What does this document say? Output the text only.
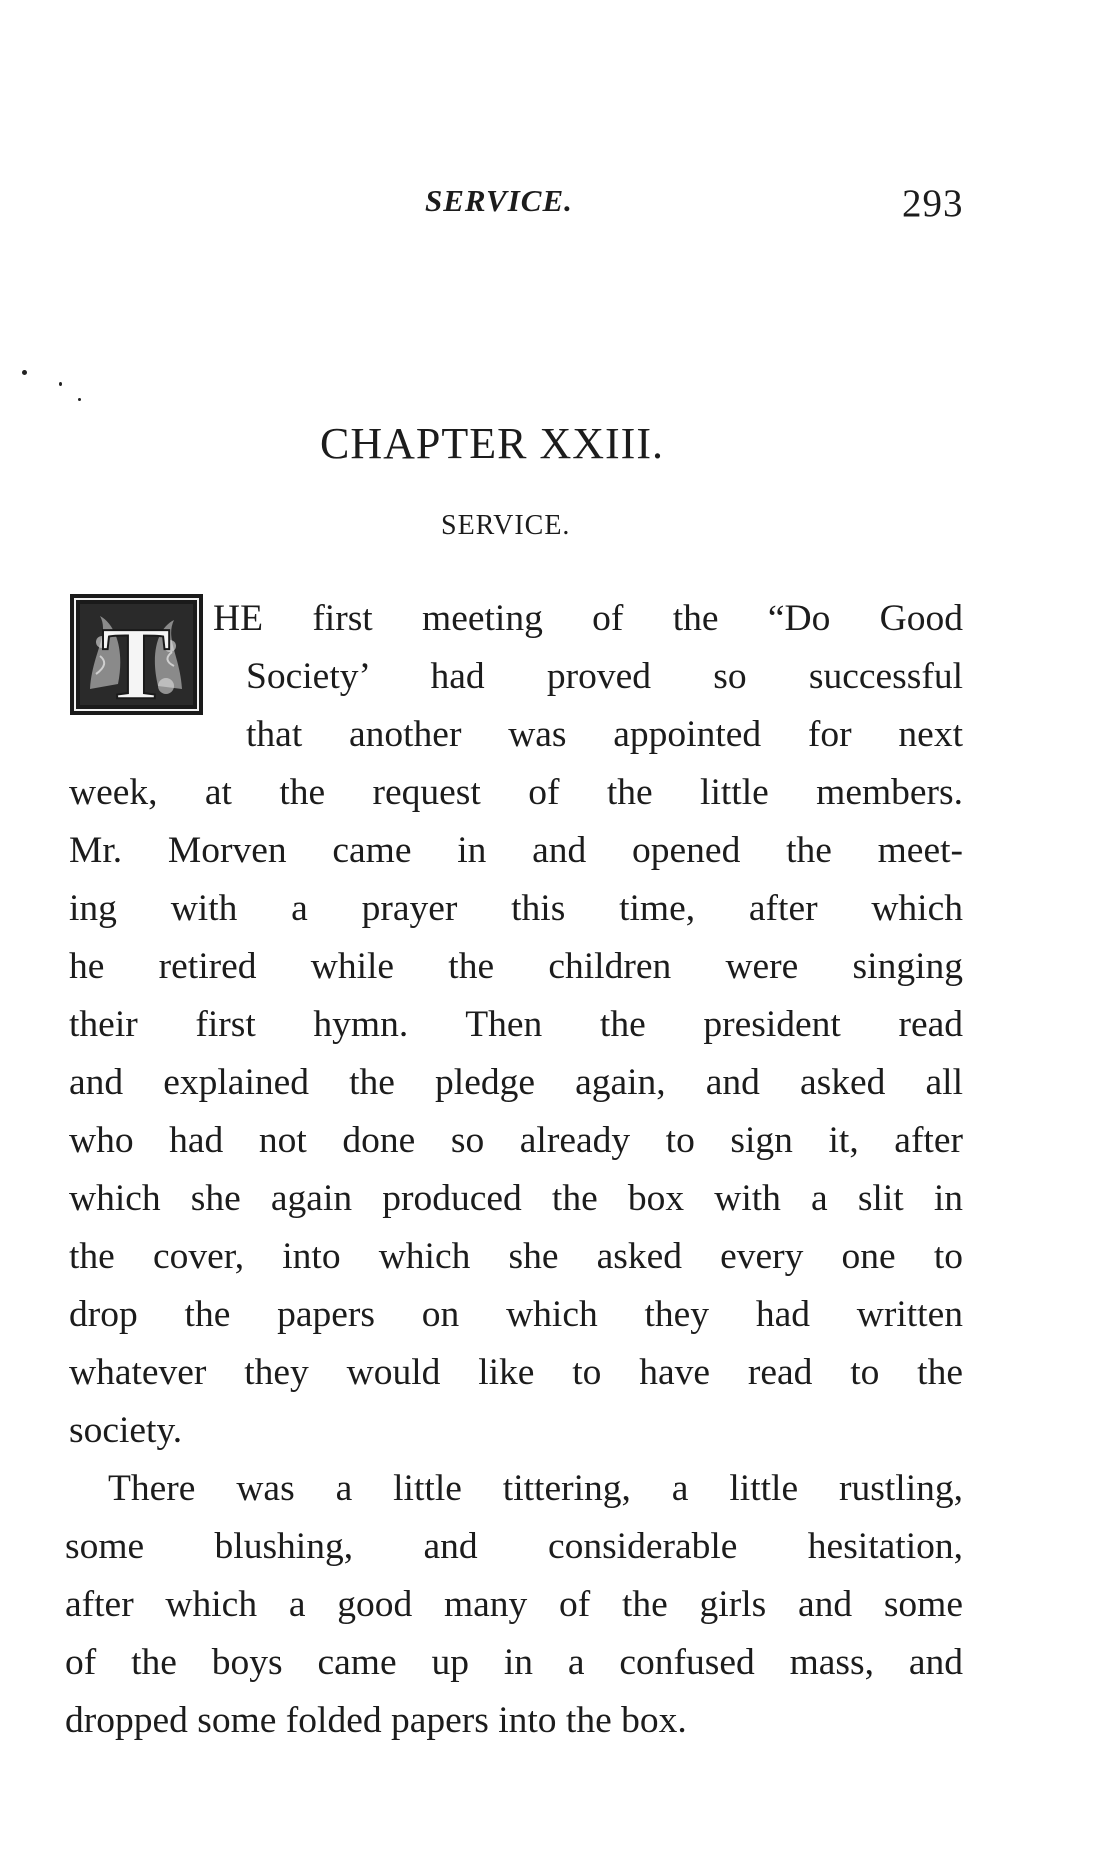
SERVICE.	293
CHAPTER XXIII.
SERVICE.
T HE first meeting of the “Do Good
Society’ had proved so successful
that another was appointed for next
week, at the request of the little members.
Mr. Morven came in and opened the meet-
ing with a prayer this time, after which
he retired while the children were singing
their first hymn. Then the president read
and explained the pledge again, and asked all
who had not done so already to sign it, after
which she again produced the box with a slit in
the cover, into which she asked every one to
drop the papers on which they had written
whatever they would like to have read to the
society.
There was a little tittering, a little rustling,
some blushing, and considerable hesitation,
after which a good many of the girls and some
of the boys came up in a confused mass, and
dropped some folded papers into the box.
